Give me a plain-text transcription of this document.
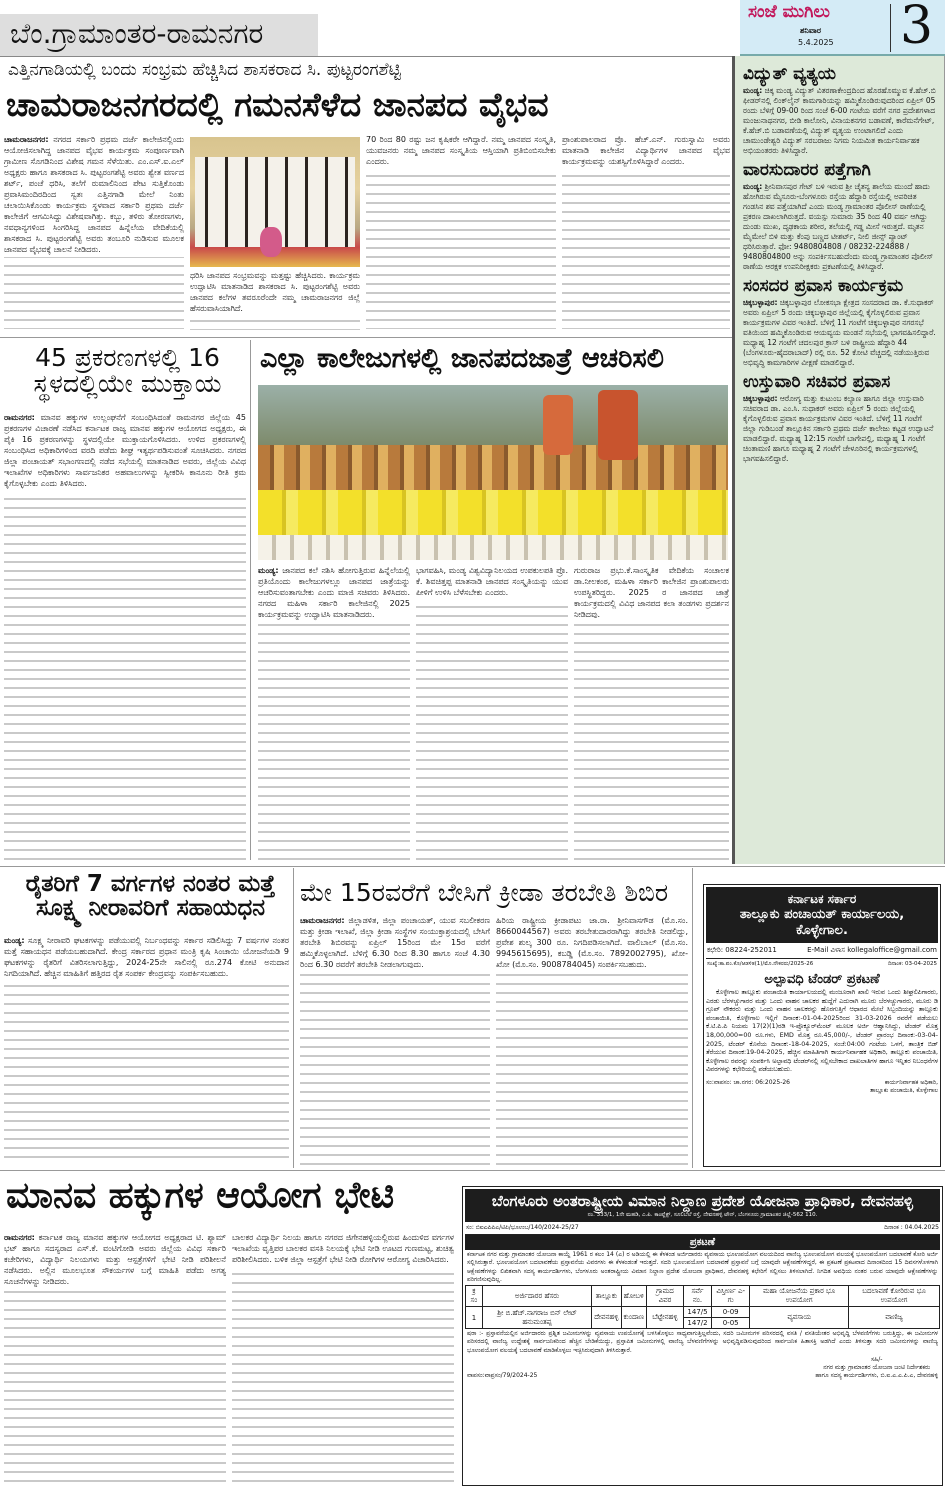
ಬೆಂ.ಗ್ರಾಮಾಂತರ-ರಾಮನಗರ
ಸಂಜೆ ಮುಗಿಲು
ಶನಿವಾರ
5.4.2025 3
ಎತ್ತಿನಗಾಡಿಯಲ್ಲಿ ಬಂದು ಸಂಭ್ರಮ ಹೆಚ್ಚಿಸಿದ ಶಾಸಕರಾದ ಸಿ. ಪುಟ್ಟರಂಗಶೆಟ್ಟಿ
ಚಾಮರಾಜನಗರದಲ್ಲಿ ಗಮನಸೆಳೆದ ಜಾನಪದ ವೈಭವ

ಚಾಮರಾಜನಗರ: ನಗರದ ಸರ್ಕಾರಿ ಪ್ರಥಮ ದರ್ಜೆ ಕಾಲೇಜಿನಲ್ಲಿಂದು ಆಯೋಜಿಸಲಾಗಿದ್ದ ಜಾನಪದ ವೈಭವ ಕಾರ್ಯಕ್ರಮ ಸಂಪೂರ್ಣವಾಗಿ ಗ್ರಾಮೀಣ ಸೊಗಡಿನಿಂದ ವಿಶೇಷ ಗಮನ ಸೆಳೆಯಿತು. ಎಂ.ಎಸ್.ಐ.ಎಲ್ ಅಧ್ಯಕ್ಷರು ಹಾಗೂ ಶಾಸಕರಾದ ಸಿ. ಪುಟ್ಟರಂಗಶೆಟ್ಟಿ ಅವರು ಶ್ವೇತ ವರ್ಣದ ಶರ್ಟ್, ಪಂಚೆ ಧರಿಸಿ, ತಲೆಗೆ ರುಮಾಲಿನಿಂದ ಪೇಟ ಸುತ್ತಿಕೊಂಡು ಪ್ರವಾಸಿಮಂದಿರದಿಂದ ಸ್ವತಃ ಎತ್ತಿನಗಾಡಿ ಮೇಲೆ ನಿಂತು ಚಲಾಯಿಸಿಕೊಂಡು ಕಾರ್ಯಕ್ರಮ ಸ್ಥಳವಾದ ಸರ್ಕಾರಿ ಪ್ರಥಮ ದರ್ಜೆ ಕಾಲೇಜಿಗೆ ಆಗಮಿಸಿದ್ದು ವಿಶೇಷವಾಗಿತ್ತು. ಕಬ್ಬು, ತಳಿರು ತೋರಣಗಳು, ನವಧಾನ್ಯಗಳಿಂದ ಸಿಂಗರಿಸಿದ್ದ ಜಾನಪದ ಹಿನ್ನೆಲೆಯ ವೇದಿಕೆಯಲ್ಲಿ ಶಾಸಕರಾದ ಸಿ. ಪುಟ್ಟರಂಗಶೆಟ್ಟಿ ಅವರು ತಂಬೂರಿ ನುಡಿಸುವ ಮೂಲಕ ಜಾನಪದ ವೈಭವಕ್ಕೆ ಚಾಲನೆ ನೀಡಿದರು.

ಧರಿಸಿ ಜಾನಪದ ಸಂಭ್ರಮವನ್ನು ಮತ್ತಷ್ಟು ಹೆಚ್ಚಿಸಿದರು. ಕಾರ್ಯಕ್ರಮ ಉದ್ಘಾಟಿಸಿ ಮಾತನಾಡಿದ ಶಾಸಕರಾದ ಸಿ. ಪುಟ್ಟರಂಗಶೆಟ್ಟಿ ಅವರು ಜಾನಪದ ಕಲೆಗಳ ತವರೂರೆಂದೇ ನಮ್ಮ ಚಾಮರಾಜನಗರ ಜಿಲ್ಲೆ ಹೆಸರುವಾಸಿಯಾಗಿದೆ.

70 ರಿಂದ 80 ರಷ್ಟು ಜನ ಕೃಷಿಕರೇ ಆಗಿದ್ದಾರೆ. ನಮ್ಮ ಜಾನಪದ ಸಂಸ್ಕೃತಿ, ಯುವಜನರು ನಮ್ಮ ಜಾನಪದ ಸಂಸ್ಕೃತಿಯ ಆಸ್ತಿಯಾಗಿ ಪ್ರತಿಬಿಂಬಿಸಬೇಕು ಎಂದರು.

ಪ್ರಾಂಶುಪಾಲರಾದ ಪ್ರೊ. ಹೆಚ್.ಎನ್. ಗುರುಸ್ವಾಮಿ ಅವರು ಮಾತನಾಡಿ ಕಾಲೇಜಿನ ವಿದ್ಯಾರ್ಥಿಗಳ ಜಾನಪದ ವೈಭವ ಕಾರ್ಯಕ್ರಮವನ್ನು ಯಶಸ್ವಿಗೊಳಿಸಿದ್ದಾರೆ ಎಂದರು.

ವಿದ್ಯುತ್ ವ್ಯತ್ಯಯ
ಮಂಡ್ಯ: ಚಿಕ್ಕ ಮಂಡ್ಯ ವಿದ್ಯುತ್ ವಿತರಣಾಕೇಂದ್ರದಿಂದ ಹೊರಹೊಮ್ಮುವ ಕೆ.ಹೆಚ್.ಬಿ ಫೀಡರ್‌ನಲ್ಲಿ ಲಿಂಕ್‌ಲೈನ್ ಕಾಮಗಾರಿಯನ್ನು ಹಮ್ಮಿಕೊಂಡಿರುವುದರಿಂದ ಏಪ್ರಿಲ್ 05 ರಂದು ಬೆಳಿಗ್ಗೆ 09-00 ರಿಂದ ಸಂಜೆ 6-00 ಗಂಟೆಯ ವರೆಗೆ ನಗರ ಪ್ರದೇಶಗಳಾದ ಮಂಜುನಾಥನಗರ, ಬೀಡಿ ಕಾಲೋನಿ, ವಿನಾಯಕನಗರ ಬಡಾವಣೆ, ಕಾರೆಮನೆಗೇಟ್, ಕೆ.ಹೆಚ್.ಬಿ ಬಡಾವಣೆಯಲ್ಲಿ ವಿದ್ಯುತ್ ವ್ಯತ್ಯಯ ಉಂಟಾಗಲಿದೆ ಎಂದು ಚಾಮುಂಡೇಶ್ವರಿ ವಿದ್ಯುತ್ ಸರಬರಾಜು ನಿಗಮ ನಿಯಮಿತ ಕಾರ್ಯನಿರ್ವಾಹಕ ಅಭಿಯಂತರರು ತಿಳಿಸಿದ್ದಾರೆ.
ವಾರಸುದಾರರ ಪತ್ತೆಗಾಗಿ
ಮಂಡ್ಯ: ಶ್ರೀನಿವಾಸಪುರ ಗೇಟ್ ಬಳಿ ಇರುವ ಶ್ರೀ ಚೈತನ್ಯ ಶಾಲೆಯ ಮುಂದೆ ಹಾದು ಹೋಗಿರುವ ಮೈಸೂರು-ಬೆಂಗಳೂರು ರಸ್ತೆಯ ಹೆದ್ದಾರಿ ರಸ್ತೆಯಲ್ಲಿ ಅಪರಿಚಿತ ಗಂಡಸಿನ ಶವ ಪತ್ತೆಯಾಗಿದೆ ಎಂದು ಮಂಡ್ಯ ಗ್ರಾಮಾಂತರ ಪೊಲೀಸ್ ಠಾಣೆಯಲ್ಲಿ ಪ್ರಕರಣ ದಾಖಲಾಗಿರುತ್ತದೆ. ವಯಸ್ಸು ಸುಮಾರು 35 ರಿಂದ 40 ವರ್ಷ ಆಗಿದ್ದು ದುಂಡು ಮುಖ, ದೃಢಕಾಯ ಶರೀರ, ತಲೆಯಲ್ಲಿ ಗಡ್ಡ ಮೀಸೆ ಇರುತ್ತದೆ. ಮೃತನ ಮೈಮೇಲೆ ಬಿಳಿ ಮತ್ತು ಕೆಂಪು ಬಣ್ಣದ ಟೀಶರ್ಟ್, ನೀಲಿ ಜೀನ್ಸ್ ಪ್ಯಾಂಟ್ ಧರಿಸಿರುತ್ತಾರೆ. ಫೋ: 9480804808 / 08232-224888 / 9480804800 ಅನ್ನು ಸಂಪರ್ಕಿಸಬಹುದೆಂದು ಮಂಡ್ಯ ಗ್ರಾಮಾಂತರ ಪೊಲೀಸ್ ಠಾಣೆಯ ಆರಕ್ಷಕ ಉಪನಿರೀಕ್ಷಕರು ಪ್ರಕಟಣೆಯಲ್ಲಿ ತಿಳಿಸಿದ್ದಾರೆ.
ಸಂಸದರ ಪ್ರವಾಸ ಕಾರ್ಯಕ್ರಮ
ಚಿಕ್ಕಬಳ್ಳಾಪುರ: ಚಿಕ್ಕಬಳ್ಳಾಪುರ ಲೋಕಸಭಾ ಕ್ಷೇತ್ರದ ಸಂಸದರಾದ ಡಾ. ಕೆ.ಸುಧಾಕರ್ ಅವರು ಏಪ್ರಿಲ್ 5 ರಂದು ಚಿಕ್ಕಬಳ್ಳಾಪುರ ಜಿಲ್ಲೆಯಲ್ಲಿ ಕೈಗೊಳ್ಳಲಿರುವ ಪ್ರವಾಸ ಕಾರ್ಯಕ್ರಮಗಳ ವಿವರ ಇಂತಿದೆ. ಬೆಳಿಗ್ಗೆ 11 ಗಂಟೆಗೆ ಚಿಕ್ಕಬಳ್ಳಾಪುರ ನಗರಸಭೆ ವತಿಯಿಂದ ಹಮ್ಮಿಕೊಂಡಿರುವ ಆಯವ್ಯಯ ಮಂಡನೆ ಸಭೆಯಲ್ಲಿ ಭಾಗವಹಿಸಲಿದ್ದಾರೆ. ಮಧ್ಯಾಹ್ನ 12 ಗಂಟೆಗೆ ಚದಲಪುರ ಕ್ರಾಸ್ ಬಳಿ ರಾಷ್ಟ್ರೀಯ ಹೆದ್ದಾರಿ 44 (ಬೆಂಗಳೂರು-ಹೈದರಾಬಾದ್) ರಲ್ಲಿ ರೂ. 52 ಕೋಟಿ ವೆಚ್ಚದಲ್ಲಿ ನಡೆಯುತ್ತಿರುವ ಅಭಿವೃದ್ಧಿ ಕಾಮಗಾರಿಗಳ ವೀಕ್ಷಣೆ ಮಾಡಲಿದ್ದಾರೆ.
ಉಸ್ತುವಾರಿ ಸಚಿವರ ಪ್ರವಾಸ
ಚಿಕ್ಕಬಳ್ಳಾಪುರ: ಆರೋಗ್ಯ ಮತ್ತು ಕುಟುಂಬ ಕಲ್ಯಾಣ ಹಾಗೂ ಜಿಲ್ಲಾ ಉಸ್ತುವಾರಿ ಸಚಿವರಾದ ಡಾ. ಎಂ.ಸಿ. ಸುಧಾಕರ್ ಅವರು ಏಪ್ರಿಲ್ 5 ರಂದು ಜಿಲ್ಲೆಯಲ್ಲಿ ಕೈಗೊಳ್ಳಲಿರುವ ಪ್ರವಾಸ ಕಾರ್ಯಕ್ರಮಗಳ ವಿವರ ಇಂತಿದೆ. ಬೆಳಿಗ್ಗೆ 11 ಗಂಟೆಗೆ ಜಿಲ್ಲಾ ಗುಡಿಬಂಡೆ ತಾಲ್ಲೂಕಿನ ಸರ್ಕಾರಿ ಪ್ರಥಮ ದರ್ಜೆ ಕಾಲೇಜು ಕಟ್ಟಡ ಉದ್ಘಾಟನೆ ಮಾಡಲಿದ್ದಾರೆ. ಮಧ್ಯಾಹ್ನ 12:15 ಗಂಟೆಗೆ ಬಾಗೇಪಲ್ಲಿ, ಮಧ್ಯಾಹ್ನ 1 ಗಂಟೆಗೆ ಚಿಂತಾಮಣಿ ಹಾಗೂ ಮಧ್ಯಾಹ್ನ 2 ಗಂಟೆಗೆ ಚೇಳೂರಿನಲ್ಲಿ ಕಾರ್ಯಕ್ರಮಗಳಲ್ಲಿ ಭಾಗವಹಿಸಲಿದ್ದಾರೆ.
45 ಪ್ರಕರಣಗಳಲ್ಲಿ 16 ಸ್ಥಳದಲ್ಲಿಯೇ ಮುಕ್ತಾಯ

ರಾಮನಗರ: ಮಾನವ ಹಕ್ಕುಗಳ ಉಲ್ಲಂಘನೆಗೆ ಸಂಬಂಧಿಸಿದಂತೆ ರಾಮನಗರ ಜಿಲ್ಲೆಯ 45 ಪ್ರಕರಣಗಳ ವಿಚಾರಣೆ ನಡೆಸಿದ ಕರ್ನಾಟಕ ರಾಜ್ಯ ಮಾನವ ಹಕ್ಕುಗಳ ಆಯೋಗದ ಅಧ್ಯಕ್ಷರು, ಈ ಪೈಕಿ 16 ಪ್ರಕರಣಗಳನ್ನು ಸ್ಥಳದಲ್ಲಿಯೇ ಮುಕ್ತಾಯಗೊಳಿಸಿದರು. ಉಳಿದ ಪ್ರಕರಣಗಳಲ್ಲಿ ಸಂಬಂಧಿಸಿದ ಅಧಿಕಾರಿಗಳಿಂದ ವರದಿ ಪಡೆದು ಶೀಘ್ರ ಇತ್ಯರ್ಥಪಡಿಸುವಂತೆ ಸೂಚಿಸಿದರು. ನಗರದ ಜಿಲ್ಲಾ ಪಂಚಾಯತ್ ಸಭಾಂಗಣದಲ್ಲಿ ನಡೆದ ಸಭೆಯಲ್ಲಿ ಮಾತನಾಡಿದ ಅವರು, ಜಿಲ್ಲೆಯ ವಿವಿಧ ಇಲಾಖೆಗಳ ಅಧಿಕಾರಿಗಳು ಸಾರ್ವಜನಿಕರ ಅಹವಾಲುಗಳನ್ನು ಸ್ವೀಕರಿಸಿ ಕಾನೂನು ರೀತಿ ಕ್ರಮ ಕೈಗೊಳ್ಳಬೇಕು ಎಂದು ತಿಳಿಸಿದರು.

ಎಲ್ಲಾ ಕಾಲೇಜುಗಳಲ್ಲಿ ಜಾನಪದಜಾತ್ರೆ ಆಚರಿಸಲಿ

ಮಂಡ್ಯ: ಜಾನಪದ ಕಲೆ ನಶಿಸಿ ಹೋಗುತ್ತಿರುವ ಹಿನ್ನೆಲೆಯಲ್ಲಿ ಪ್ರತಿಯೊಂದು ಕಾಲೇಜುಗಳಲ್ಲೂ ಜಾನಪದ ಜಾತ್ರೆಯನ್ನು ಆಚರಿಸುವಂತಾಗಬೇಕು ಎಂದು ಮಾಜಿ ಸಚಿವರು ತಿಳಿಸಿದರು. ನಗರದ ಮಹಿಳಾ ಸರ್ಕಾರಿ ಕಾಲೇಜಿನಲ್ಲಿ 2025 ಕಾರ್ಯಕ್ರಮವನ್ನು ಉದ್ಘಾಟಿಸಿ ಮಾತನಾಡಿದರು.

ಭಾಗವಹಿಸಿ, ಮಂಡ್ಯ ವಿಶ್ವವಿದ್ಯಾನಿಲಯದ ಉಪಕುಲಪತಿ ಪ್ರೊ. ಕೆ. ಶಿವಚಿತ್ತಪ್ಪ ಮಾತನಾಡಿ ಜಾನಪದ ಸಂಸ್ಕೃತಿಯನ್ನು ಯುವ ಪೀಳಿಗೆ ಉಳಿಸಿ ಬೆಳೆಸಬೇಕು ಎಂದರು.

ಗುರುರಾಜ ಪ್ರಭು.ಕೆ.ಸಾಂಸ್ಕೃತಿಕ ವೇದಿಕೆಯ ಸಂಚಾಲಕ ಡಾ.ನೀಲಕಂಠ, ಮಹಿಳಾ ಸರ್ಕಾರಿ ಕಾಲೇಜಿನ ಪ್ರಾಂಶುಪಾಲರು ಉಪಸ್ಥಿತರಿದ್ದರು. 2025 ರ ಜಾನಪದ ಜಾತ್ರೆ ಕಾರ್ಯಕ್ರಮದಲ್ಲಿ ವಿವಿಧ ಜಾನಪದ ಕಲಾ ತಂಡಗಳು ಪ್ರದರ್ಶನ ನೀಡಿದವು.

ರೈತರಿಗೆ 7 ವರ್ಗಗಳ ನಂತರ ಮತ್ತೆ ಸೂಕ್ಷ್ಮ ನೀರಾವರಿಗೆ ಸಹಾಯಧನ

ಮಂಡ್ಯ: ಸೂಕ್ಷ್ಮ ನೀರಾವರಿ ಘಟಕಗಳನ್ನು ಪಡೆಯುವಲ್ಲಿ ನಿರ್ಬಂಧವನ್ನು ಸರ್ಕಾರ ಸಡಿಲಿಸಿದ್ದು 7 ವರ್ಷಗಳ ನಂತರ ಮತ್ತೆ ಸಹಾಯಧನ ಪಡೆಯಬಹುದಾಗಿದೆ. ಕೇಂದ್ರ ಸರ್ಕಾರದ ಪ್ರಧಾನ ಮಂತ್ರಿ ಕೃಷಿ ಸಿಂಚಾಯಿ ಯೋಜನೆಯಡಿ 9 ಘಟಕಗಳನ್ನು ರೈತರಿಗೆ ವಿತರಿಸಲಾಗುತ್ತಿದ್ದು, 2024-25ನೇ ಸಾಲಿನಲ್ಲಿ ರೂ.274 ಕೋಟಿ ಅನುದಾನ ನಿಗದಿಯಾಗಿದೆ. ಹೆಚ್ಚಿನ ಮಾಹಿತಿಗೆ ಹತ್ತಿರದ ರೈತ ಸಂಪರ್ಕ ಕೇಂದ್ರವನ್ನು ಸಂಪರ್ಕಿಸಬಹುದು.

ಮೇ 15ರವರೆಗೆ ಬೇಸಿಗೆ ಕ್ರೀಡಾ ತರಬೇತಿ ಶಿಬಿರ

ಚಾಮರಾಜನಗರ: ಜಿಲ್ಲಾಡಳಿತ, ಜಿಲ್ಲಾ ಪಂಚಾಯತ್, ಯುವ ಸಬಲೀಕರಣ ಮತ್ತು ಕ್ರೀಡಾ ಇಲಾಖೆ, ಜಿಲ್ಲಾ ಕ್ರೀಡಾ ಸಂಸ್ಥೆಗಳ ಸಂಯುಕ್ತಾಶ್ರಯದಲ್ಲಿ ಬೇಸಿಗೆ ತರಬೇತಿ ಶಿಬಿರವನ್ನು ಏಪ್ರಿಲ್ 15ರಿಂದ ಮೇ 15ರ ವರೆಗೆ ಹಮ್ಮಿಕೊಳ್ಳಲಾಗಿದೆ. ಬೆಳಿಗ್ಗೆ 6.30 ರಿಂದ 8.30 ಹಾಗೂ ಸಂಜೆ 4.30 ರಿಂದ 6.30 ರವರೆಗೆ ತರಬೇತಿ ನೀಡಲಾಗುವುದು.

ಹಿರಿಯ ರಾಷ್ಟ್ರೀಯ ಕ್ರೀಡಾಪಟು ಜಾ.ರಾ. ಶ್ರೀನಿವಾಸಗೌಡ (ಮೊ.ಸಂ. 8660044567) ಅವರು ತರಬೇತುದಾರರಾಗಿದ್ದು ತರಬೇತಿ ನೀಡಲಿದ್ದು, ಪ್ರವೇಶ ಶುಲ್ಕ 300 ರೂ. ನಿಗದಿಪಡಿಸಲಾಗಿದೆ. ವಾಲಿಬಾಲ್ (ಮೊ.ಸಂ. 9945615695), ಕಬಡ್ಡಿ (ಮೊ.ಸಂ. 7892002795), ಖೋ-ಖೋ (ಮೊ.ಸಂ. 9008784045) ಸಂಪರ್ಕಿಸಬಹುದು.

ಕರ್ನಾಟಕ ಸರ್ಕಾರ
ತಾಲ್ಲೂಕು ಪಂಚಾಯತ್ ಕಾರ್ಯಾಲಯ,
ಕೊಳ್ಳೇಗಾಲ.
ಕಛೇರಿ: 08224-252011	E-Mail ವಿಳಾಸ kollegaloffice@gmail.com
ಸಂಖ್ಯೆ:ತಾ.ಪಂ.ಕೊ/ಆಡಳಿತ(1)/ಮೊ.ನೌಕರರು/2025-26	ದಿನಾಂಕ: 03-04-2025
ಅಲ್ಪಾವಧಿ ಟೆಂಡರ್ ಪ್ರಕಟಣೆ
ಕೊಳ್ಳೇಗಾಲ ತಾಲ್ಲೂಕು ಪಂಚಾಯಿತಿ ಕಾರ್ಯಾಲಯದಲ್ಲಿ ಮಂಜೂರಾಗಿ ಖಾಲಿ ಇರುವ ಒಂದು ಶೀಘ್ರಲಿಪಿಗಾರರು, ಎರಡು ಬೆರಳಚ್ಚುಗಾರರ ಮತ್ತು ಒಂದು ವಾಹನ ಚಾಲಕರ ಹುದ್ದೆಗೆ ಎದುರಾಗಿ ಮೂರು ಬೆರಳಚ್ಚುಗಾರರು, ಮೂರು ಡಿ ಗ್ರೂಪ್ ನೌಕರರು ಮತ್ತು ಒಂದು ವಾಹನ ಚಾಲಕರನ್ನು ಹೊರಗುತ್ತಿಗೆ ಆಧಾರದ ಮೇಲೆ ಸಿಬ್ಬಂದಿಯನ್ನು ತಾಲ್ಲೂಕು ಪಂಚಾಯಿತಿ, ಕೊಳ್ಳೇಗಾಲ ಇಲ್ಲಿಗೆ ದಿನಾಂಕ:-01-04-2025ರಿಂದ 31-03-2026 ರವರೆಗೆ ಪಡೆಯಲು ಕೆ.ಟಿ.ಪಿ.ಪಿ ನಿಯಮ 17(2)(1)ರಡಿ ಇ-ಪ್ರೊಕ್ಯೂರ್‌ಮೆಂಟ್ ಮೂಲಕ ಅರ್ಜಿ ಆಹ್ವಾನಿಸಿದ್ದು, ಟೆಂಡರ್ ಮೊತ್ತ 18,00,000=00 ರೂ.ಗಳು, EMD ಮೊತ್ತ ರೂ.45,000/-, ಟೆಂಡರ್ ಪ್ರಾರಂಭ ದಿನಾಂಕ:-03-04-2025, ಟೆಂಡರ್ ಕೊನೆಯ ದಿನಾಂಕ:-18-04-2025, ಸಂಜೆ:04:00 ಗಂಟೆಯ ಒಳಗೆ, ತಾಂತ್ರಿಕ ಬಿಡ್ ತೆರೆಯುವ ದಿನಾಂಕ:19-04-2025, ಹೆಚ್ಚಿನ ಮಾಹಿತಿಗಾಗಿ ಕಾರ್ಯನಿರ್ವಾಹಕ ಅಧಿಕಾರಿ, ತಾಲ್ಲೂಕು ಪಂಚಾಯಿತಿ, ಕೊಳ್ಳೇಗಾಲ ರವರನ್ನು ಸಂಪರ್ಕಿಸಿ ಅಲ್ಪಾವಧಿ ಟೆಂಡರ್‌ನಲ್ಲಿ ಸಲ್ಲಿಸಬೇಕಾದ ದಾಖಲಾತಿಗಳ ಹಾಗೂ ಇನ್ನಿತರ ನಿಬಂಧನೆಗಳ ವಿವರಗಳನ್ನು ಕಛೇರಿಯಲ್ಲಿ ಪಡೆಯಬಹುದು.
ಸಂ:ವಾಪಸಂ: ಚಾ.ನಗರ: 06:2025-26	ಕಾರ್ಯನಿರ್ವಾಹಕ ಅಧಿಕಾರಿ,
ತಾಲ್ಲೂಕು ಪಂಚಾಯಿತಿ, ಕೊಳ್ಳೇಗಾಲ
ಮಾನವ ಹಕ್ಕುಗಳ ಆಯೋಗ ಭೇಟಿ

ರಾಮನಗರ: ಕರ್ನಾಟಕ ರಾಜ್ಯ ಮಾನವ ಹಕ್ಕುಗಳ ಆಯೋಗದ ಅಧ್ಯಕ್ಷರಾದ ಟಿ. ಶ್ಯಾಮ್ ಭಟ್ ಹಾಗೂ ಸದಸ್ಯರಾದ ಎಸ್.ಕೆ. ವಂಟಿಗೋಡಿ ಅವರು ಜಿಲ್ಲೆಯ ವಿವಿಧ ಸರ್ಕಾರಿ ಕಚೇರಿಗಳು, ವಿದ್ಯಾರ್ಥಿ ನಿಲಯಗಳು ಮತ್ತು ಆಸ್ಪತ್ರೆಗಳಿಗೆ ಭೇಟಿ ನೀಡಿ ಪರಿಶೀಲನೆ ನಡೆಸಿದರು. ಅಲ್ಲಿನ ಮೂಲಭೂತ ಸೌಕರ್ಯಗಳ ಬಗ್ಗೆ ಮಾಹಿತಿ ಪಡೆದು ಅಗತ್ಯ ಸೂಚನೆಗಳನ್ನು ನೀಡಿದರು.

ಬಾಲಕರ ವಿದ್ಯಾರ್ಥಿ ನಿಲಯ ಹಾಗೂ ನಗರದ ಜಿಗೇನಹಳ್ಳಿಯಲ್ಲಿರುವ ಹಿಂದುಳಿದ ವರ್ಗಗಳ ಇಲಾಖೆಯ ವೃತ್ತಿಪರ ಬಾಲಕರ ವಸತಿ ನಿಲಯಕ್ಕೆ ಭೇಟಿ ನೀಡಿ ಊಟದ ಗುಣಮಟ್ಟ, ಶುಚಿತ್ವ ಪರಿಶೀಲಿಸಿದರು. ಬಳಿಕ ಜಿಲ್ಲಾ ಆಸ್ಪತ್ರೆಗೆ ಭೇಟಿ ನೀಡಿ ರೋಗಿಗಳ ಆರೋಗ್ಯ ವಿಚಾರಿಸಿದರು.

ಬೆಂಗಳೂರು ಅಂತರಾಷ್ಟ್ರೀಯ ವಿಮಾನ ನಿಲ್ದಾಣ ಪ್ರದೇಶ ಯೋಜನಾ ಪ್ರಾಧಿಕಾರ, ದೇವನಹಳ್ಳಿ
ನಂ. 333/1, 1ನೇ ಮಹಡಿ, ಎ.ಪಿ. ಕಾಂಪ್ಲೆಕ್ಸ್, ಸೂಲಿಬೆಲೆ ರಸ್ತೆ, ದೇವನಹಳ್ಳಿ ಟೌನ್, ಬೆಂಗಳೂರು ಗ್ರಾಮಾಂತರ ಜಿಲ್ಲೆ-562 110.
ಸಂ: ಬಿಐಎಪಿಪಿಎ/ಟಿಪಿ/ಭೂಉಬ/140/2024-25/27	ದಿನಾಂಕ : 04.04.2025
ಪ್ರಕಟಣೆ
ಕರ್ನಾಟಕ ನಗರ ಮತ್ತು ಗ್ರಾಮಾಂತರ ಯೋಜನಾ ಕಾಯ್ದೆ 1961 ರ ಕಲಂ 14 (ಎ) ರ ಅಡಿಯಲ್ಲಿ ಈ ಕೆಳಕಂಡ ಅರ್ಜಿದಾರರು ವ್ಯವಸಾಯ ಭೂಉಪಯೋಗ ವಲಯದಿಂದ ವಾಣಿಜ್ಯ ಭೂಉಪಯೋಗ ವಲಯಕ್ಕೆ ಭೂಉಪಯೋಗ ಬದಲಾವಣೆ ಕೋರಿ ಅರ್ಜಿ ಸಲ್ಲಿಸಿರುತ್ತಾರೆ. ಭೂಉಪಯೋಗ ಬದಲಾವಣೆಯ ಪ್ರಸ್ತಾವನೆಯ ವಿವರಗಳು ಈ ಕೆಳಕಂಡಂತೆ ಇರುತ್ತದೆ. ಸದರಿ ಭೂಉಪಯೋಗ ಬದಲಾವಣೆ ಪ್ರಸ್ತಾವನೆ ಬಗ್ಗೆ ಯಾವುದೇ ಆಕ್ಷೇಪಣೆಗಳಿದ್ದರೆ, ಈ ಪ್ರಕಟಣೆ ಪ್ರಕಟವಾದ ದಿನಾಂಕದಿಂದ 15 ದಿವಸಗಳೊಳಗಾಗಿ ಆಕ್ಷೇಪಣೆಗಳನ್ನು ಲಿಖಿತವಾಗಿ ಸದಸ್ಯ ಕಾರ್ಯದರ್ಶಿಗಳು, ಬೆಂಗಳೂರು ಅಂತರಾಷ್ಟ್ರೀಯ ವಿಮಾನ ನಿಲ್ದಾಣ ಪ್ರದೇಶ ಯೋಜನಾ ಪ್ರಾಧಿಕಾರ, ದೇವನಹಳ್ಳಿ ಕಛೇರಿಗೆ ಸಲ್ಲಿಸಲು ತಿಳಿಸಲಾಗಿದೆ. ನಿಗದಿತ ಅವಧಿಯ ನಂತರ ಬರುವ ಯಾವುದೇ ಆಕ್ಷೇಪಣೆಗಳನ್ನು ಪರಿಗಣಿಸುವುದಿಲ್ಲ.
ಕ್ರ ಸಂ	ಅರ್ಜಿದಾರರ ಹೆಸರು	ತಾಲ್ಲೂಕು	ಹೋಬಳಿ	ಗ್ರಾಮದ ವಿವರ	ಸರ್ವೆ ನಂ.	ವಿಸ್ತೀರ್ಣ ಎ-ಗು	ಮಹಾ ಯೋಜನೆಯ ಪ್ರಕಾರ ಭೂ ಉಪಯೋಗ	ಬದಲಾವಣೆ ಕೋರಿರುವ ಭೂ ಉಪಯೋಗ
1	ಶ್ರೀ ಬಿ.ಹೆಚ್.ನಾಗರಾಜ ಬಿನ್ ಲೇಟ್ ಹನುಮಂತಪ್ಪ	ದೇವನಹಳ್ಳಿ	ಕುಂದಾಣ	ಬೆಟ್ಟೇನಹಳ್ಳಿ	147/5	0-09	ವ್ಯವಸಾಯ	ವಾಣಿಜ್ಯ
					147/2	0-05		
ಷರಾ :- ಪ್ರಸ್ತಾವನೆಯಲ್ಲಿನ ಅರ್ಜಿದಾರರು ಪ್ರಶ್ನಿತ ಜಮೀನುಗಳನ್ನು ವ್ಯವಸಾಯ ಉಪಯೋಗಕ್ಕೆ ಬಳಸಿಕೊಳ್ಳಲು ಸಾಧ್ಯವಾಗುತ್ತಿಲ್ಲವೆಂದು, ಸದರಿ ಜಮೀನುಗಳ ಪರಿಸರದಲ್ಲಿ ವಸತಿ / ವಸತಿಯೇತರ ಅಭಿವೃದ್ಧಿ ಬೆಳವಣಿಗೆಗಳು ಬರುತ್ತಿದ್ದು, ಈ ಜಮೀನುಗಳ ಪರಿಸರದಲ್ಲಿ ವಾಣಿಜ್ಯ ಉದ್ದೇಶಕ್ಕೆ ಸಾರ್ವಜನಿಕರಿಂದ ಹೆಚ್ಚಿನ ಬೇಡಿಕೆಯಿದ್ದು, ಪ್ರಸ್ತಾಪಿತ ಜಮೀನುಗಳಲ್ಲಿ ವಾಣಿಜ್ಯ ಬೆಳವಣಿಗೆಗಳನ್ನು ಅಭಿವೃದ್ಧಿಪಡಿಸುವುದರಿಂದ ಸಾರ್ವಜನಿಕ ಹಿತಾಸಕ್ತಿ ಅಡಗಿದೆ ಎಂದು ತಿಳಿಸುತ್ತಾ ಸದರಿ ಜಮೀನುಗಳನ್ನು ವಾಣಿಜ್ಯ ಭೂಉಪಯೋಗ ವಲಯಕ್ಕೆ ಬದಲಾವಣೆ ಮಾಡಿಕೊಳ್ಳಲು ಇಚ್ಛಿಸಿರುವುದಾಗಿ ತಿಳಿಸಿರುತ್ತಾರೆ.
ವಾಪಸಂ:ವಾಪ್ರಸಂ/79/2024-25
ಸಹಿ/-
ನಗರ ಮತ್ತು ಗ್ರಾಮಾಂತರ ಯೋಜನಾ ಜಂಟಿ ನಿರ್ದೇಶಕರು
ಹಾಗೂ ಸದಸ್ಯ ಕಾರ್ಯದರ್ಶಿಗಳು, ಬಿ.ಐ.ಎ.ಎ.ಪಿ.ಎ, ದೇವನಹಳ್ಳಿ
